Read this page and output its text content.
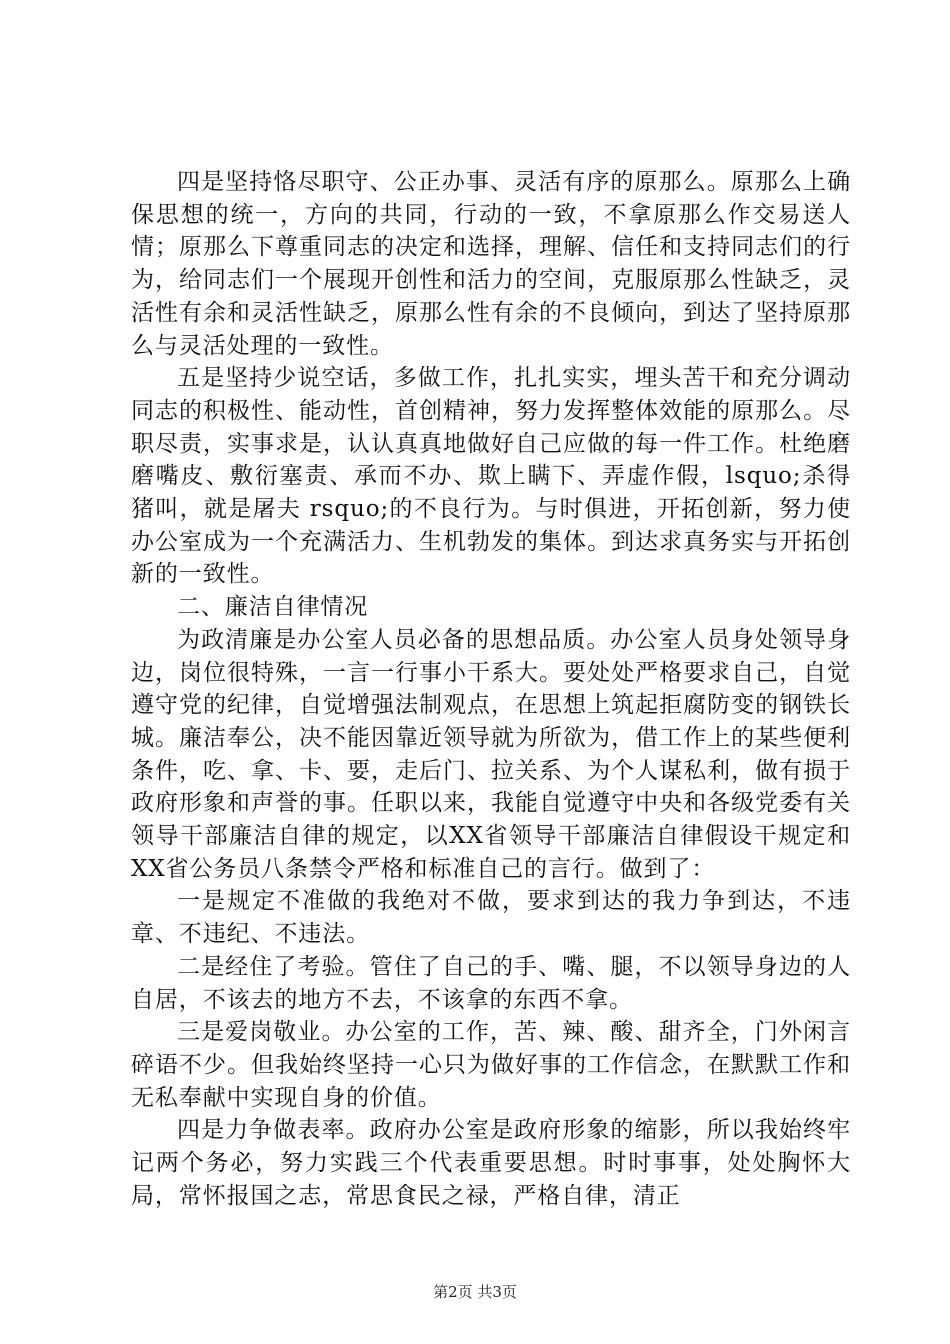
四是坚持恪尽职守、公正办事、灵活有序的原那么。原那么上确保思想的统一，方向的共同，行动的一致，不拿原那么作交易送人情；原那么下尊重同志的决定和选择，理解、信任和支持同志们的行为，给同志们一个展现开创性和活力的空间，克服原那么性缺乏，灵活性有余和灵活性缺乏，原那么性有余的不良倾向，到达了坚持原那么与灵活处理的一致性。

五是坚持少说空话，多做工作，扎扎实实，埋头苦干和充分调动同志的积极性、能动性，首创精神，努力发挥整体效能的原那么。尽职尽责，实事求是，认认真真地做好自己应做的每一件工作。杜绝磨磨嘴皮、敷衍塞责、承而不办、欺上瞒下、弄虚作假，lsquo;杀得猪叫，就是屠夫 rsquo;的不良行为。与时俱进，开拓创新，努力使办公室成为一个充满活力、生机勃发的集体。到达求真务实与开拓创新的一致性。

二、廉洁自律情况

为政清廉是办公室人员必备的思想品质。办公室人员身处领导身边，岗位很特殊，一言一行事小干系大。要处处严格要求自己，自觉遵守党的纪律，自觉增强法制观点，在思想上筑起拒腐防变的钢铁长城。廉洁奉公，决不能因靠近领导就为所欲为，借工作上的某些便利条件，吃、拿、卡、要，走后门、拉关系、为个人谋私利，做有损于政府形象和声誉的事。任职以来，我能自觉遵守中央和各级党委有关领导干部廉洁自律的规定，以XX省领导干部廉洁自律假设干规定和XX省公务员八条禁令严格和标准自己的言行。做到了：

一是规定不准做的我绝对不做，要求到达的我力争到达，不违章、不违纪、不违法。

二是经住了考验。管住了自己的手、嘴、腿，不以领导身边的人自居，不该去的地方不去，不该拿的东西不拿。

三是爱岗敬业。办公室的工作，苦、辣、酸、甜齐全，门外闲言碎语不少。但我始终坚持一心只为做好事的工作信念，在默默工作和无私奉献中实现自身的价值。

四是力争做表率。政府办公室是政府形象的缩影，所以我始终牢记两个务必，努力实践三个代表重要思想。时时事事，处处胸怀大局，常怀报国之志，常思食民之禄，严格自律，清正

第2页 共3页
